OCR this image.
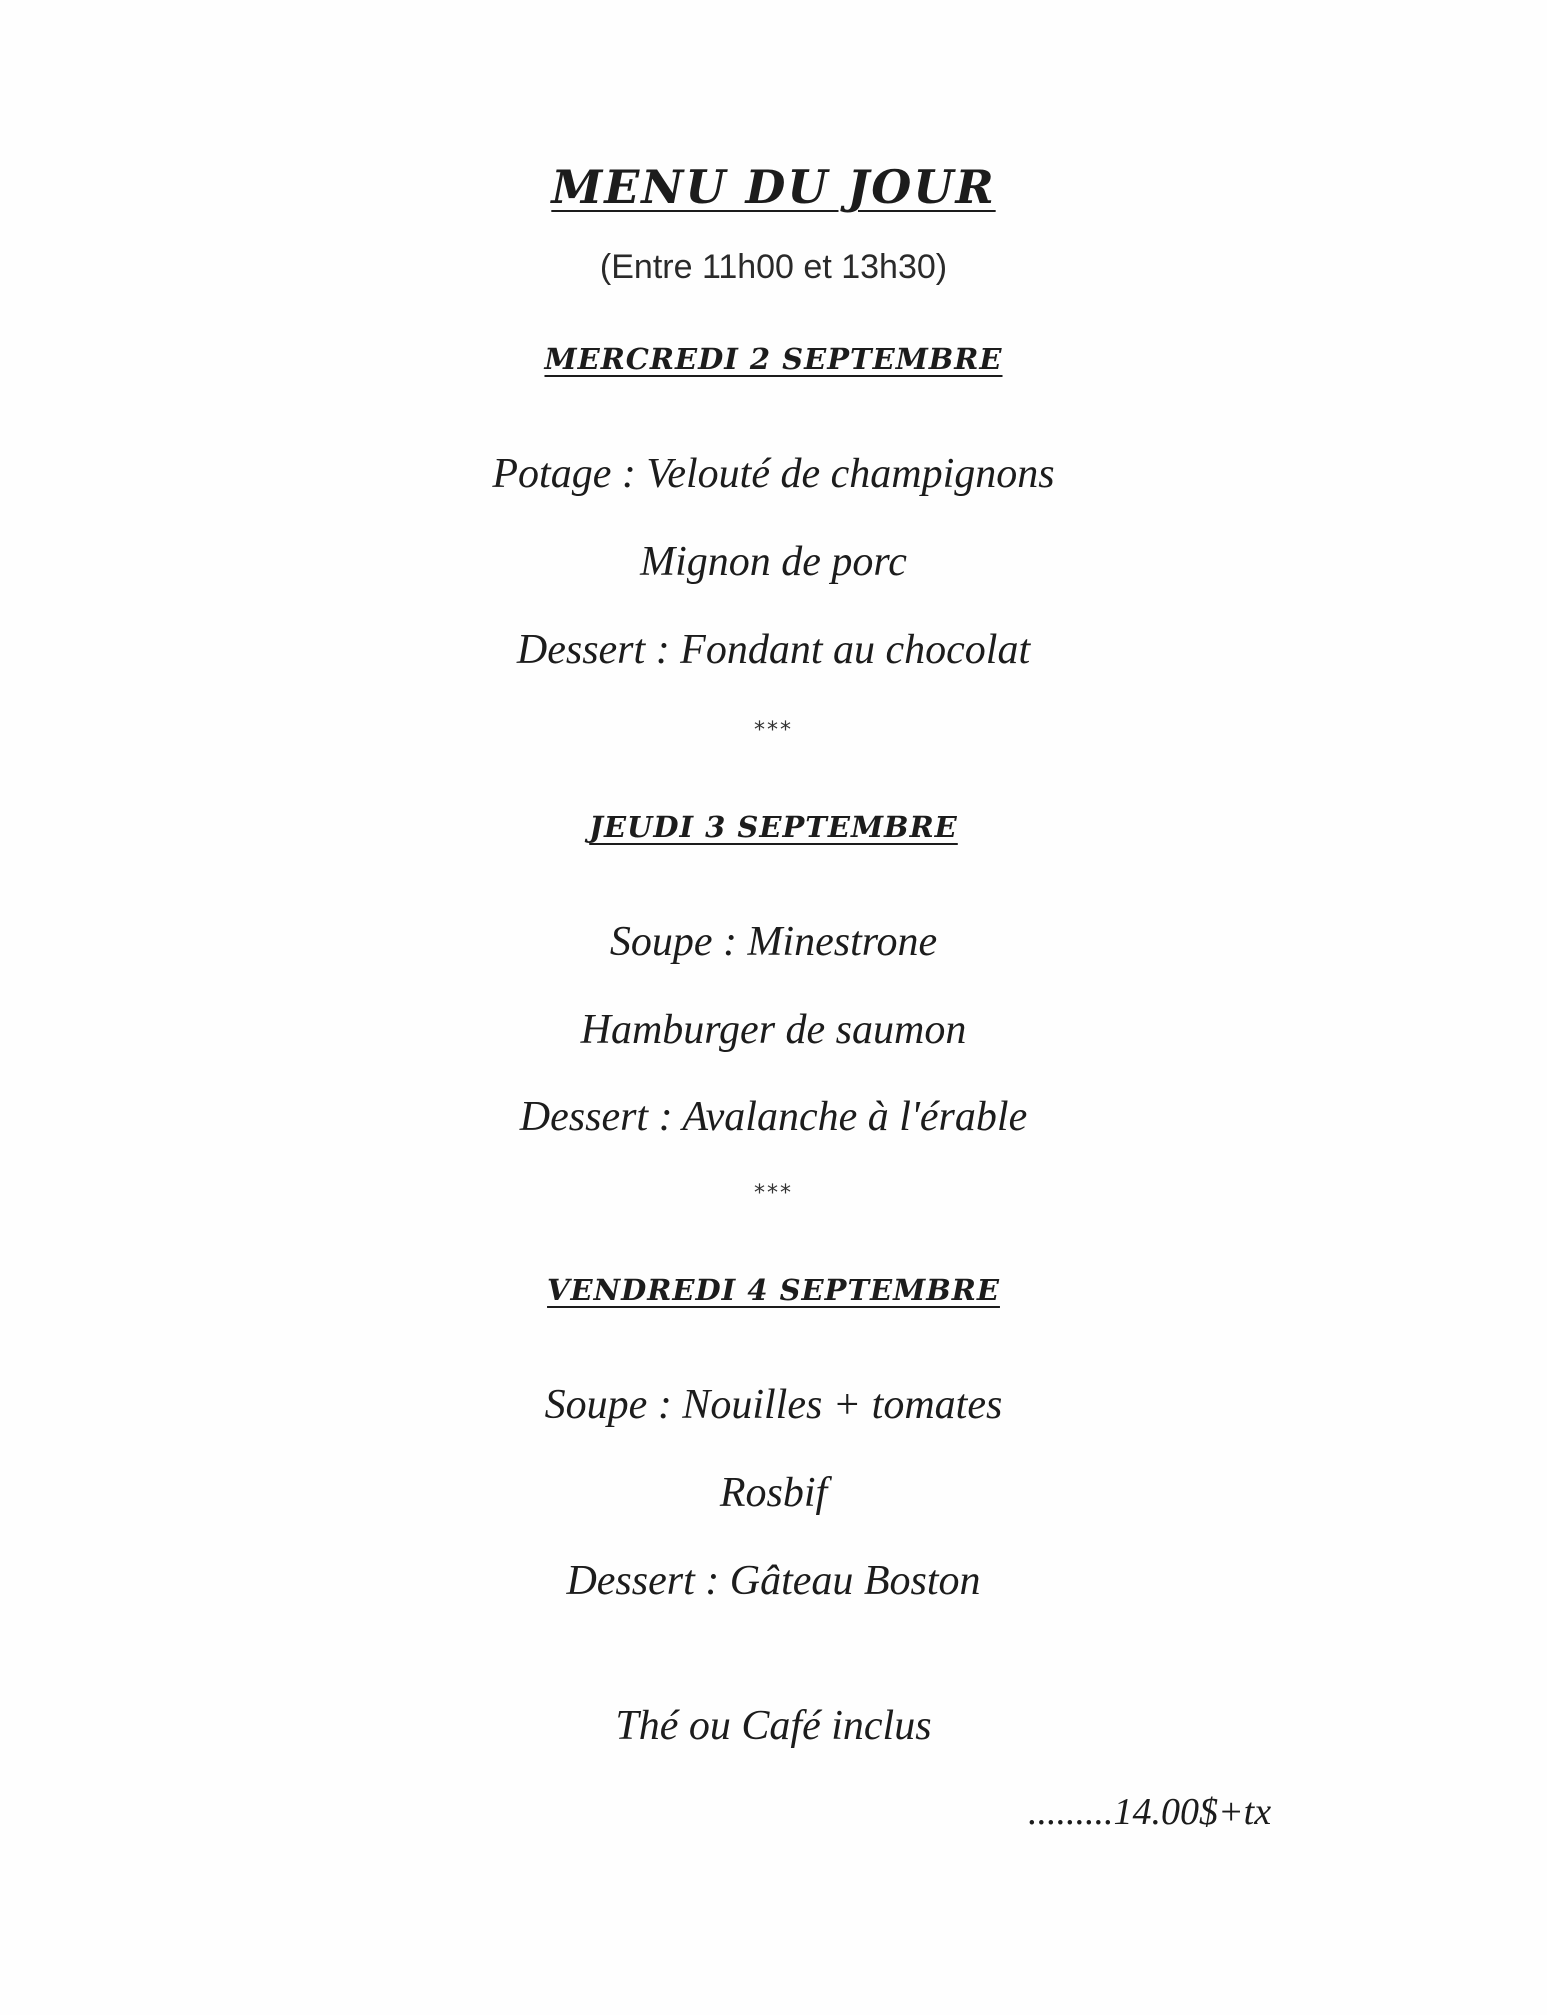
MENU DU JOUR
(Entre 11h00 et 13h30)
MERCREDI 2 SEPTEMBRE
Potage : Velouté de champignons
Mignon de porc
Dessert : Fondant au chocolat
***
JEUDI 3 SEPTEMBRE
Soupe : Minestrone
Hamburger de saumon
Dessert : Avalanche à l'érable
***
VENDREDI 4 SEPTEMBRE
Soupe : Nouilles + tomates
Rosbif
Dessert : Gâteau Boston
Thé ou Café inclus
.........14.00$+tx
